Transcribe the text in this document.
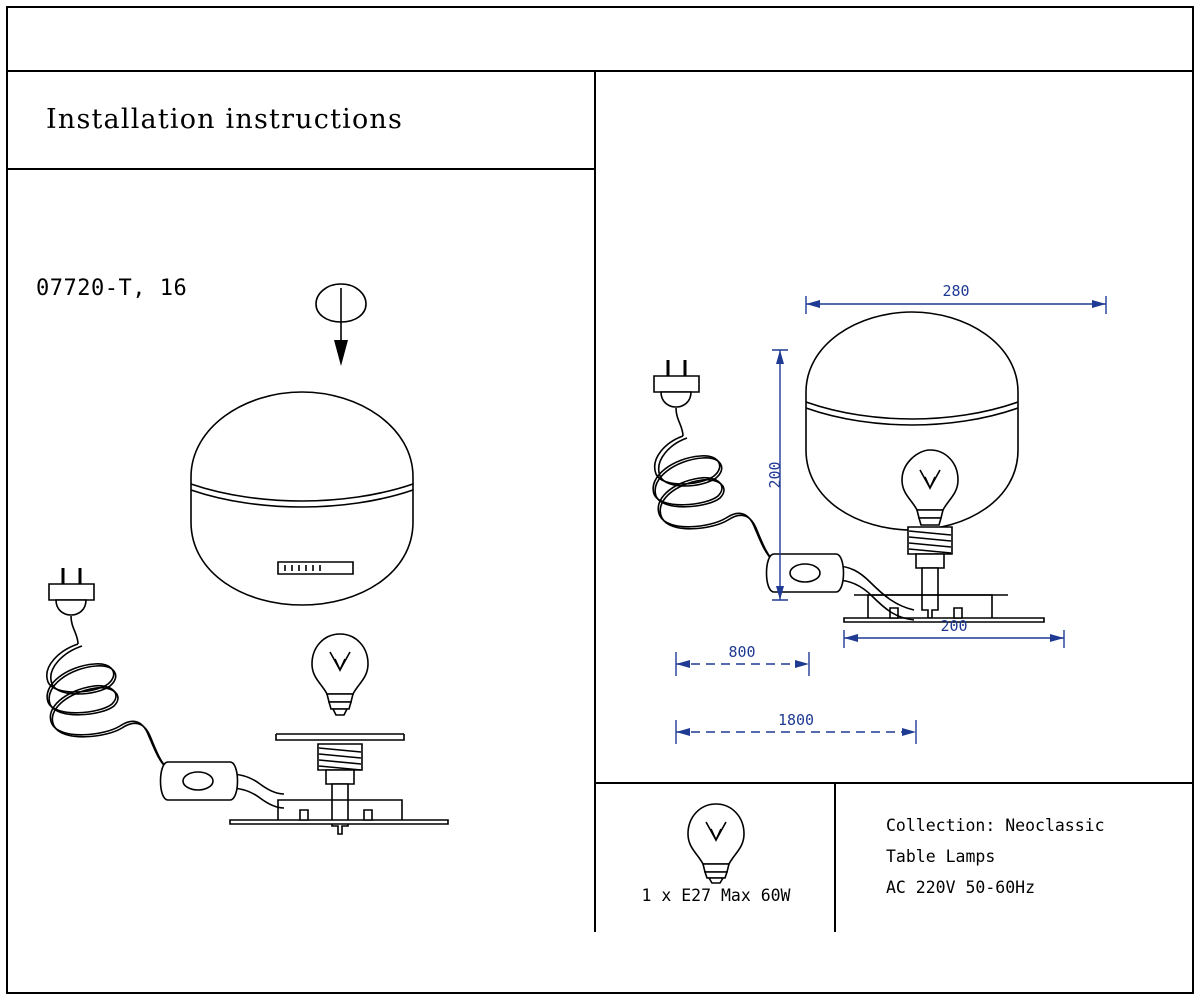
Installation instructions
07720-T, 16	280
200
200
800
1800
1 x E27 Max 60W
Collection: Neoclassic
Table Lamps
AC 220V 50-60Hz
